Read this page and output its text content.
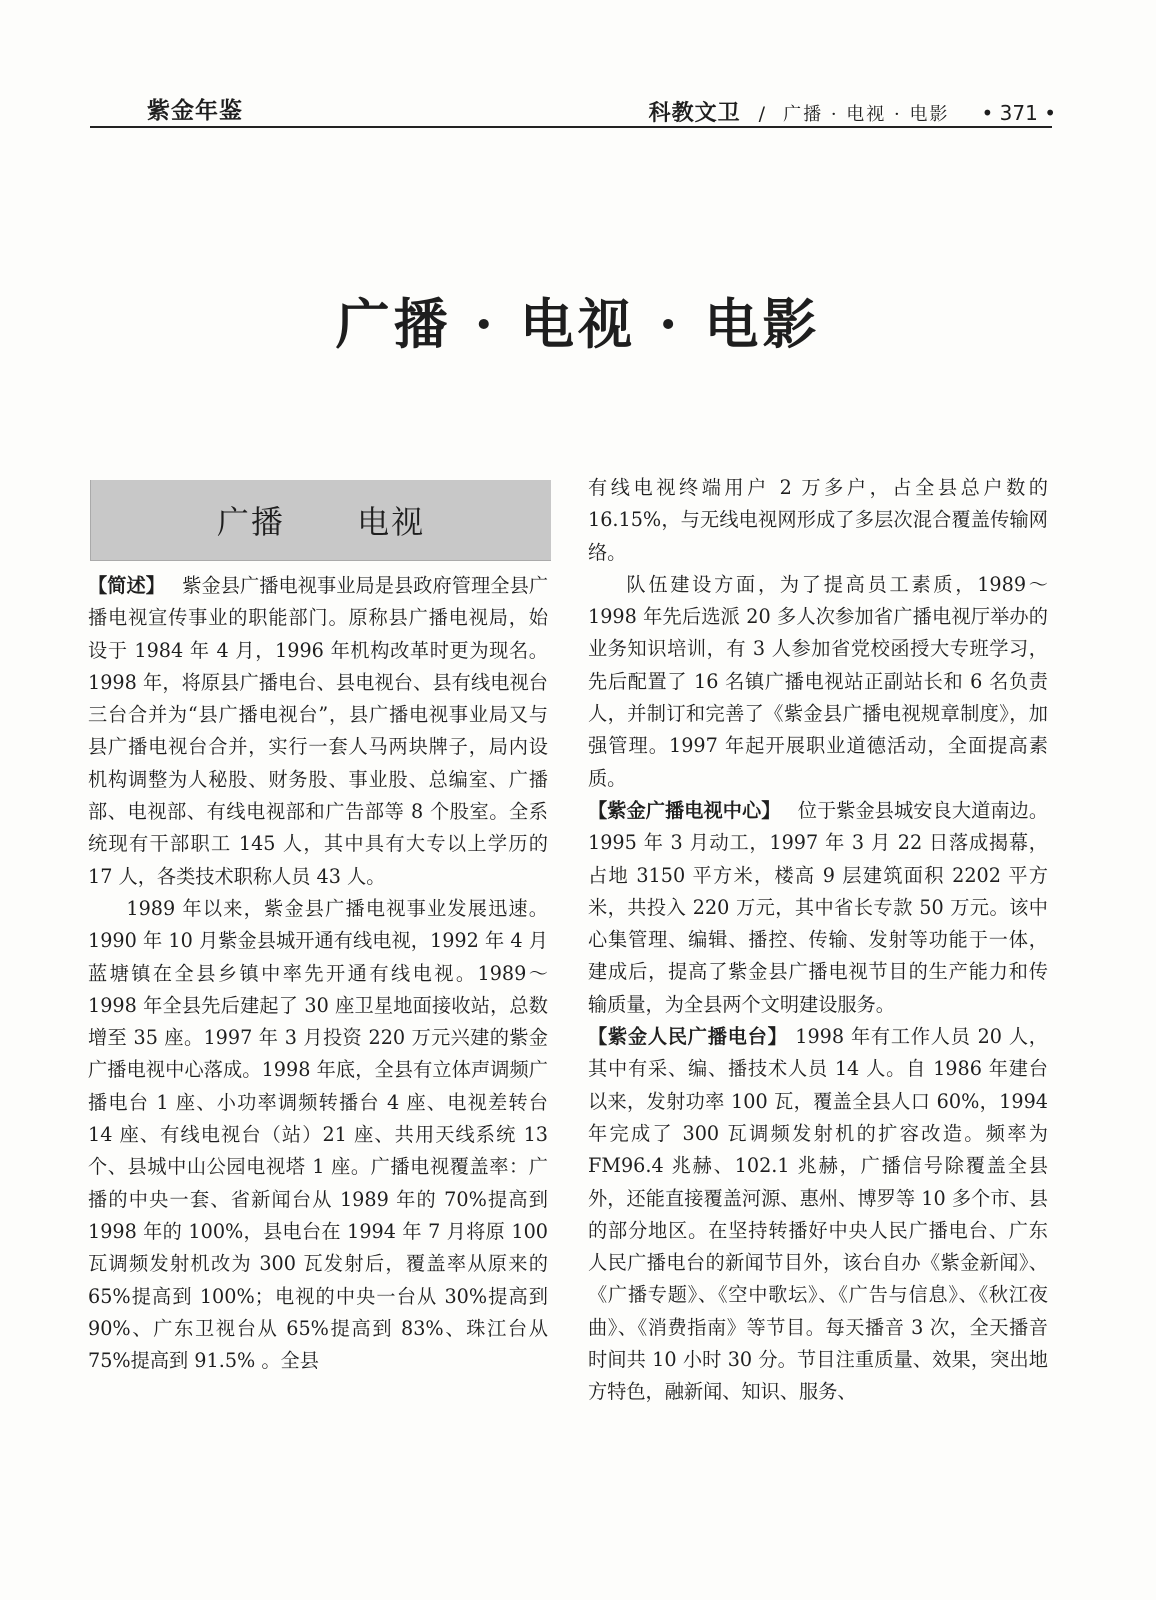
紫金年鉴	科教文卫 / 广播 · 电视 · 电影 • 371 •
广播 · 电视 · 电影
广播  电视

【简述】 紫金县广播电视事业局是县政府管理全县广播电视宣传事业的职能部门。原称县广播电视局，始设于 1984 年 4 月，1996 年机构改革时更为现名。1998 年，将原县广播电台、县电视台、县有线电视台三台合并为“县广播电视台”，县广播电视事业局又与县广播电视台合并，实行一套人马两块牌子，局内设机构调整为人秘股、财务股、事业股、总编室、广播部、电视部、有线电视部和广告部等 8 个股室。全系统现有干部职工 145 人，其中具有大专以上学历的 17 人，各类技术职称人员 43 人。

1989 年以来，紫金县广播电视事业发展迅速。1990 年 10 月紫金县城开通有线电视，1992 年 4 月蓝塘镇在全县乡镇中率先开通有线电视。1989～1998 年全县先后建起了 30 座卫星地面接收站，总数增至 35 座。1997 年 3 月投资 220 万元兴建的紫金广播电视中心落成。1998 年底，全县有立体声调频广播电台 1 座、小功率调频转播台 4 座、电视差转台 14 座、有线电视台（站）21 座、共用天线系统 13 个、县城中山公园电视塔 1 座。广播电视覆盖率：广播的中央一套、省新闻台从 1989 年的 70%提高到 1998 年的 100%，县电台在 1994 年 7 月将原 100 瓦调频发射机改为 300 瓦发射后，覆盖率从原来的 65%提高到 100%；电视的中央一台从 30%提高到 90%、广东卫视台从 65%提高到 83%、珠江台从 75%提高到 91.5% 。全县

有线电视终端用户 2 万多户，占全县总户数的 16.15%，与无线电视网形成了多层次混合覆盖传输网络。

队伍建设方面，为了提高员工素质，1989～1998 年先后选派 20 多人次参加省广播电视厅举办的业务知识培训，有 3 人参加省党校函授大专班学习，先后配置了 16 名镇广播电视站正副站长和 6 名负责人，并制订和完善了《紫金县广播电视规章制度》，加强管理。1997 年起开展职业道德活动，全面提高素质。

【紫金广播电视中心】 位于紫金县城安良大道南边。1995 年 3 月动工，1997 年 3 月 22 日落成揭幕，占地 3150 平方米，楼高 9 层建筑面积 2202 平方米，共投入 220 万元，其中省长专款 50 万元。该中心集管理、编辑、播控、传输、发射等功能于一体，建成后，提高了紫金县广播电视节目的生产能力和传输质量，为全县两个文明建设服务。

【紫金人民广播电台】 1998 年有工作人员 20 人，其中有采、编、播技术人员 14 人。自 1986 年建台以来，发射功率 100 瓦，覆盖全县人口 60%，1994 年完成了 300 瓦调频发射机的扩容改造。频率为 FM96.4 兆赫、102.1 兆赫，广播信号除覆盖全县外，还能直接覆盖河源、惠州、博罗等 10 多个市、县的部分地区。在坚持转播好中央人民广播电台、广东人民广播电台的新闻节目外，该台自办《紫金新闻》、《广播专题》、《空中歌坛》、《广告与信息》、《秋江夜曲》、《消费指南》等节目。每天播音 3 次，全天播音时间共 10 小时 30 分。节目注重质量、效果，突出地方特色，融新闻、知识、服务、
